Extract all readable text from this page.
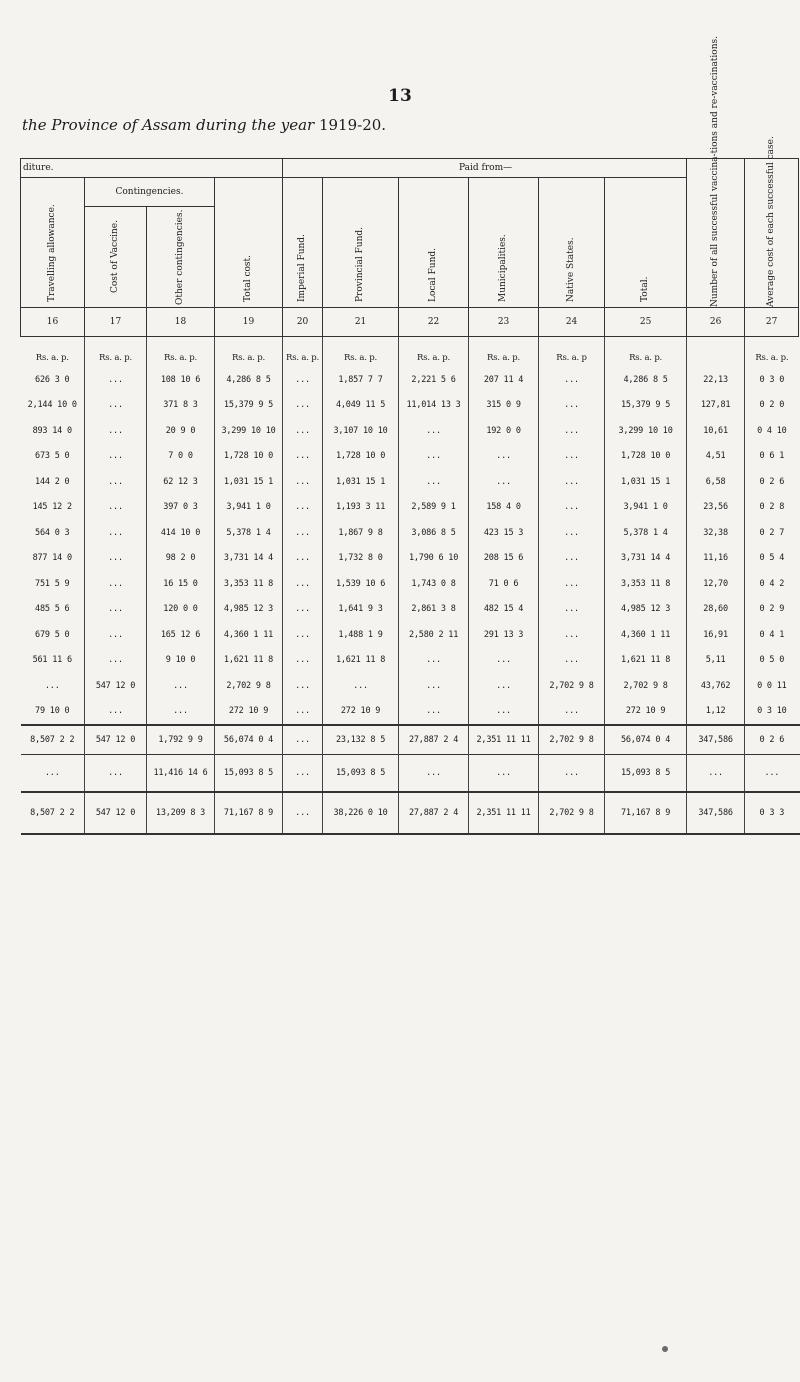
13
the Province of Assam during the year 1919-20.
diture.				Paid from—						Number of all successful vaccina-tions and re-vaccinations.	Average cost of each successful case.	

Travelling allowance.	Contingencies.		Total cost.	Imperial Fund.	Provincial Fund.	Local Fund.	Municipalities.	Native States.	Total.			

	Cost of Vaccine.	Other contingencies.										

16	17	18	19	20	21	22	23	24	25	26	27	

Rs. a. p.	Rs. a. p.	Rs. a. p.	Rs. a. p.	Rs. a. p.	Rs. a. p.	Rs. a. p.	Rs. a. p.	Rs. a. p	Rs. a. p.		Rs. a. p.	
626 3 0	...	108 10 6	4,286 8 5	...	1,857 7 7	2,221 5 6	207 11 4	...	4,286 8 5	22,13	0 3 0	
2,144 10 0	...	371 8 3	15,379 9 5	...	4,049 11 5	11,014 13 3	315 0 9	...	15,379 9 5	127,81	0 2 0	
893 14 0	...	20 9 0	3,299 10 10	...	3,107 10 10	...	192 0 0	...	3,299 10 10	10,61	0 4 10	
673 5 0	...	7 0 0	1,728 10 0	...	1,728 10 0	...	...	...	1,728 10 0	4,51	0 6 1	
144 2 0	...	62 12 3	1,031 15 1	...	1,031 15 1	...	...	...	1,031 15 1	6,58	0 2 6	
145 12 2	...	397 0 3	3,941 1 0	...	1,193 3 11	2,589 9 1	158 4 0	...	3,941 1 0	23,56	0 2 8	
564 0 3	...	414 10 0	5,378 1 4	...	1,867 9 8	3,086 8 5	423 15 3	...	5,378 1 4	32,38	0 2 7	
877 14 0	...	98 2 0	3,731 14 4	...	1,732 8 0	1,790 6 10	208 15 6	...	3,731 14 4	11,16	0 5 4	
751 5 9	...	16 15 0	3,353 11 8	...	1,539 10 6	1,743 0 8	71 0 6	...	3,353 11 8	12,70	0 4 2	
485 5 6	...	120 0 0	4,985 12 3	...	1,641 9 3	2,861 3 8	482 15 4	...	4,985 12 3	28,60	0 2 9	
679 5 0	...	165 12 6	4,360 1 11	...	1,488 1 9	2,580 2 11	291 13 3	...	4,360 1 11	16,91	0 4 1	
561 11 6	...	9 10 0	1,621 11 8	...	1,621 11 8	...	...	...	1,621 11 8	5,11	0 5 0	
...	547 12 0	...	2,702 9 8	...	...	...	...	2,702 9 8	2,702 9 8	43,762	0 0 11	
79 10 0	...	...	272 10 9	...	272 10 9	...	...	...	272 10 9	1,12	0 3 10	
8,507 2 2	547 12 0	1,792 9 9	56,074 0 4	...	23,132 8 5	27,887 2 4	2,351 11 11	2,702 9 8	56,074 0 4	347,586	0 2 6	
...	...	11,416 14 6	15,093 8 5	...	15,093 8 5	...	...	...	15,093 8 5	...	...	
8,507 2 2	547 12 0	13,209 8 3	71,167 8 9	...	38,226 0 10	27,887 2 4	2,351 11 11	2,702 9 8	71,167 8 9	347,586	0 3 3	
